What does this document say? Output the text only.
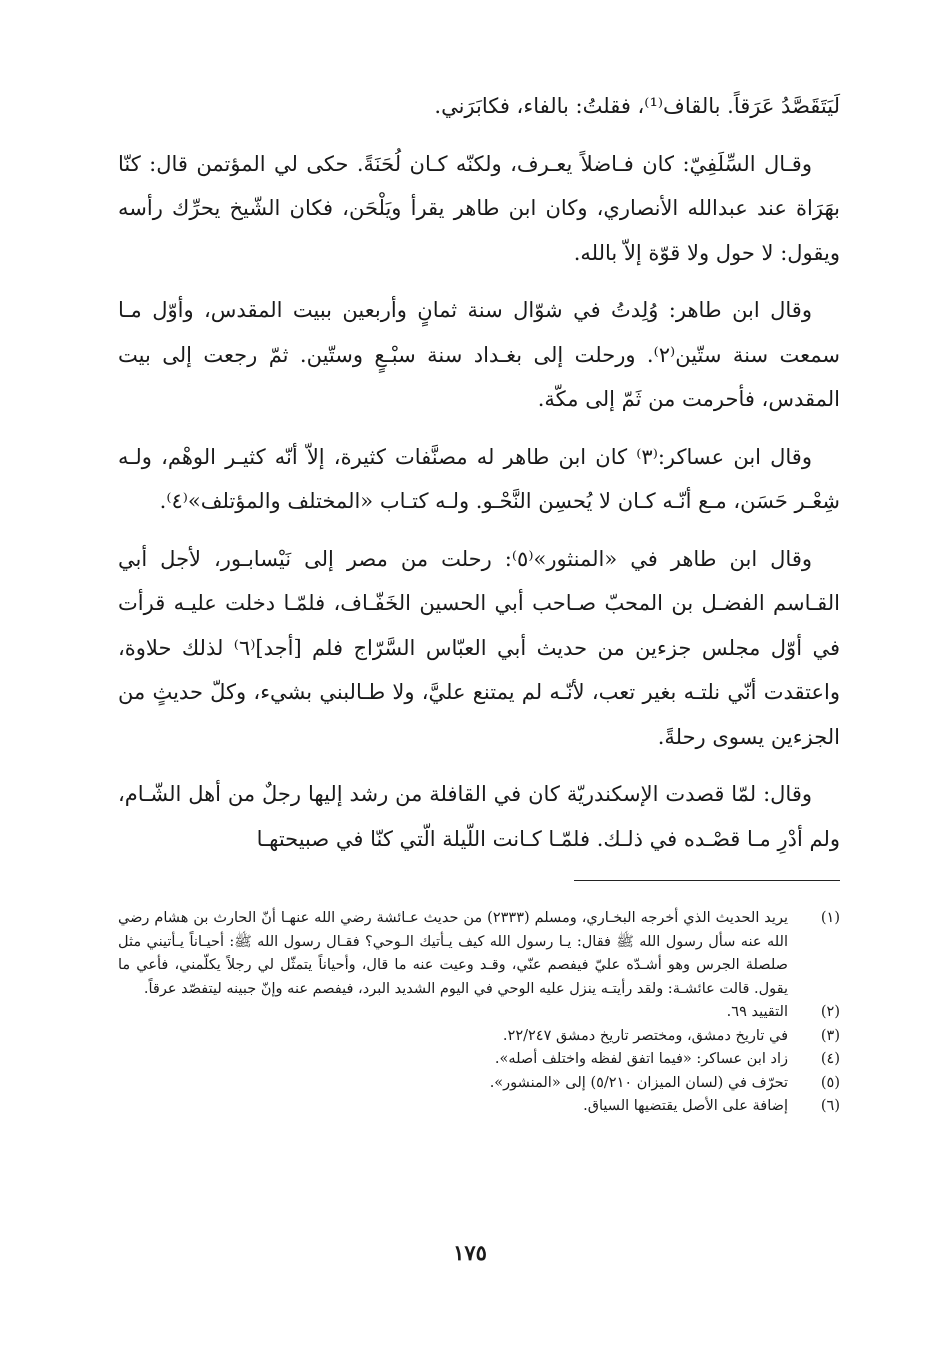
لَيَتَقَصَّدُ عَرَقاً. بالقاف⁽¹⁾، فقلتُ: بالفاء، فكابَرَني.

وقـال السِّلَفِيّ: كان فـاضلاً يعـرف، ولكنّه كـان لُحَنَةً. حكى لي المؤتمن قال: كنّا بهَرَاة عند عبدالله الأنصاري، وكان ابن طاهر يقرأ ويَلْحَن، فكان الشّيخ يحرِّك رأسه ويقول: لا حول ولا قوّة إلاّ بالله.

وقال ابن طاهر: وُلِدتُ في شوّال سنة ثمانٍ وأربعين ببيت المقدس، وأوّل مـا سمعت سنة ستّين⁽٢⁾. ورحلت إلى بغـداد سنة سبْـعٍ وستّين. ثمّ رجعت إلى بيت المقدس، فأحرمت من ثَمّ إلى مكّة.

وقال ابن عساكر:⁽٣⁾ كان ابن طاهر له مصنَّفات كثيرة، إلاّ أنّه كثيـر الوهْم، ولـه شِعْـر حَسَن، مـع أنّـه كـان لا يُحسِن النَّحْـو. ولـه كتـاب «المختلف والمؤتلف»⁽٤⁾.

وقال ابن طاهر في «المنثور»⁽٥⁾: رحلت من مصر إلى نَيْسابـور، لأجل أبي القـاسم الفضـل بن المحبّ صـاحب أبي الحسين الخَفّـاف، فلمّـا دخلت عليـه قرأت في أوّل مجلس جزءين من حديث أبي العبّاس السَّرّاج فلم [أجد]⁽٦⁾ لذلك حلاوة، واعتقدت أنّي نلتـه بغير تعب، لأنّـه لم يمتنع عليَّ، ولا طـالبني بشيء، وكلّ حديثٍ من الجزءين يسوى رحلةً.

وقال: لمّا قصدت الإسكندريّة كان في القافلة من رشد إليها رجلٌ من أهل الشّـام، ولم أدْرِ مـا قصْـده في ذلـك. فلمّـا كـانت اللّيلة الّتي كنّا في صبيحتهـا

(١)
يريد الحديث الذي أخرجه البخـاري، ومسلم (٢٣٣٣) من حديث عـائشة رضي الله عنهـا أنّ الحارث بن هشام رضي الله عنه سأل رسول الله ﷺ فقال: يـا رسول الله كيف يـأتيك الـوحي؟ فقـال رسول الله ﷺ: أحيـاناً يـأتيني مثل صلصلة الجرس وهو أشـدّه عليّ فيفصم عنّي، وقـد وعيت عنه ما قال، وأحياناً يتمثّل لي رجلاً يكلّمني، فأعي ما يقول. قالت عائشـة: ولقد رأيتـه ينزل عليه الوحي في اليوم الشديد البرد، فيفصم عنه وإنّ جبينه ليتفصّد عرقاً.
(٢)
التقييد ٦٩.
(٣)
في تاريخ دمشق، ومختصر تاريخ دمشق ٢٢/٢٤٧.
(٤)
زاد ابن عساكر: «فيما اتفق لفظه واختلف أصله».
(٥)
تحرّف في (لسان الميزان ٥/٢١٠) إلى «المنشور».
(٦)
إضافة على الأصل يقتضيها السياق.
١٧٥
